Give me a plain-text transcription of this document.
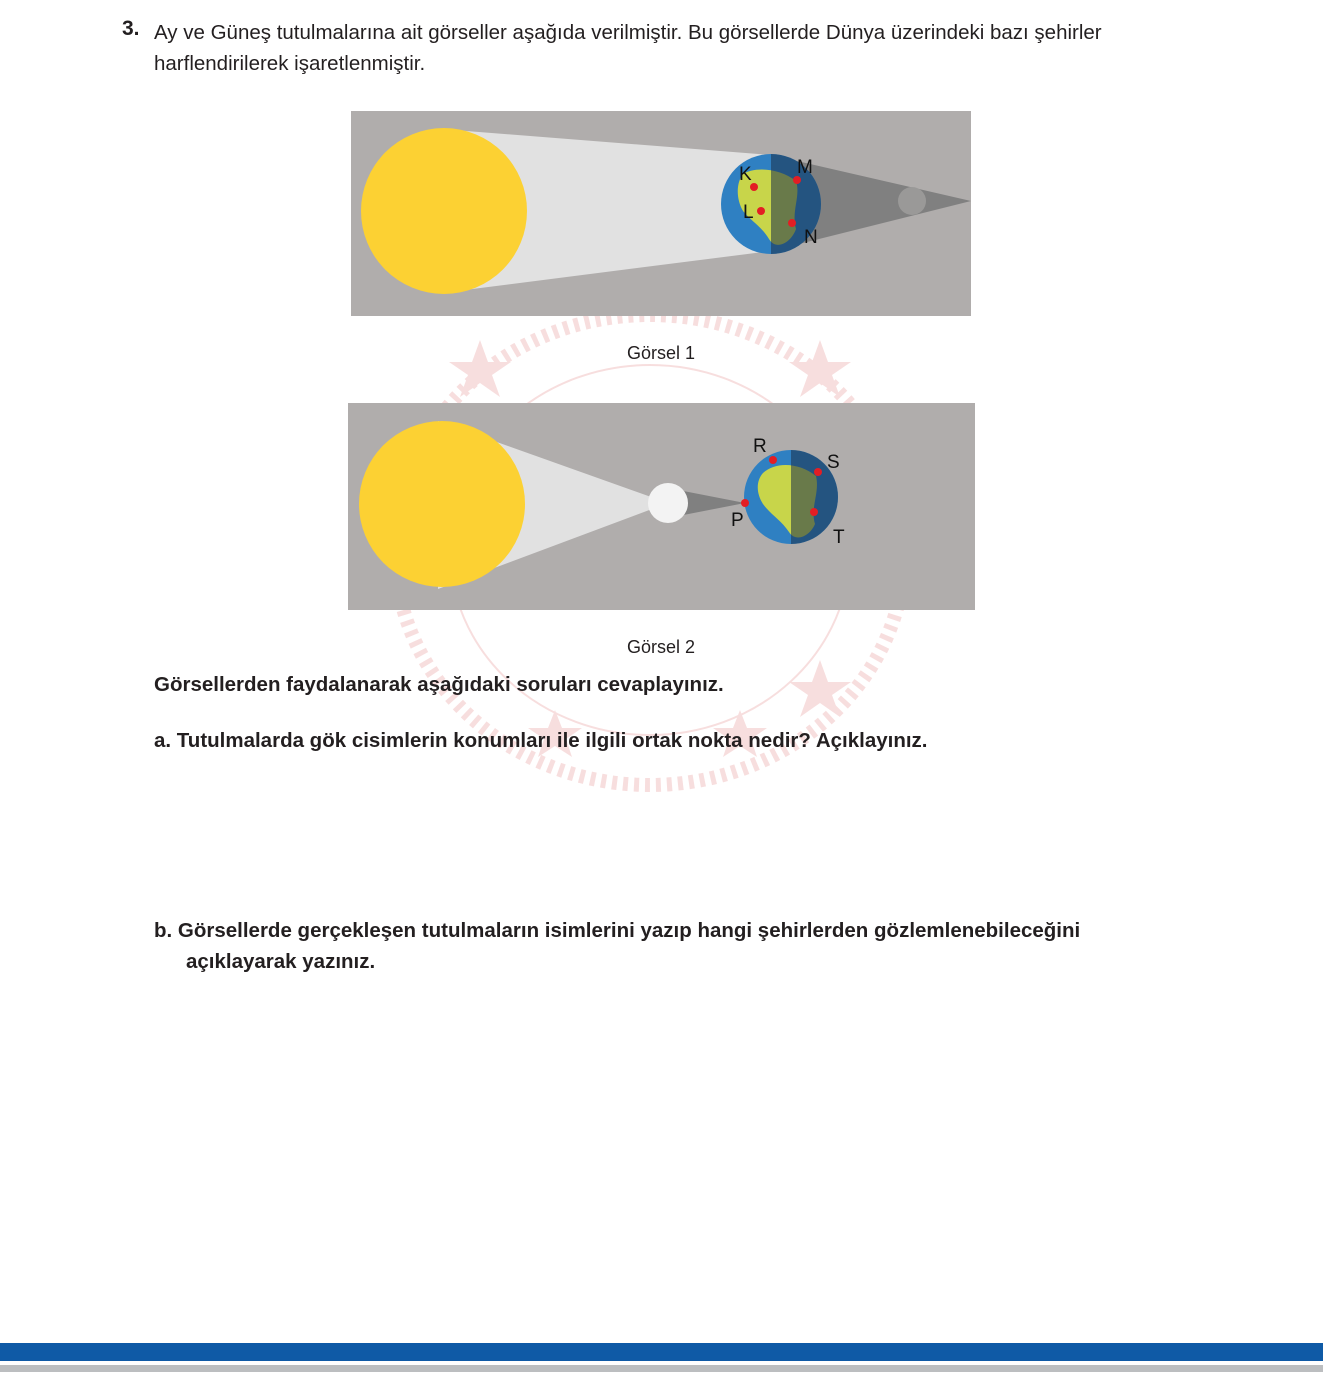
3. Ay ve Güneş tutulmalarına ait görseller aşağıda verilmiştir. Bu görsellerde Dünya üzerindeki bazı şehirler harflendirilerek işaretlenmiştir.
K
L
M
N
Görsel 1
R
S
P
T
Görsel 2
Görsellerden faydalanarak aşağıdaki soruları cevaplayınız.
a. Tutulmalarda gök cisimlerin konumları ile ilgili ortak nokta nedir? Açıklayınız.
b. Görsellerde gerçekleşen tutulmaların isimlerini yazıp hangi şehirlerden gözlemlenebileceğini
açıklayarak yazınız.
